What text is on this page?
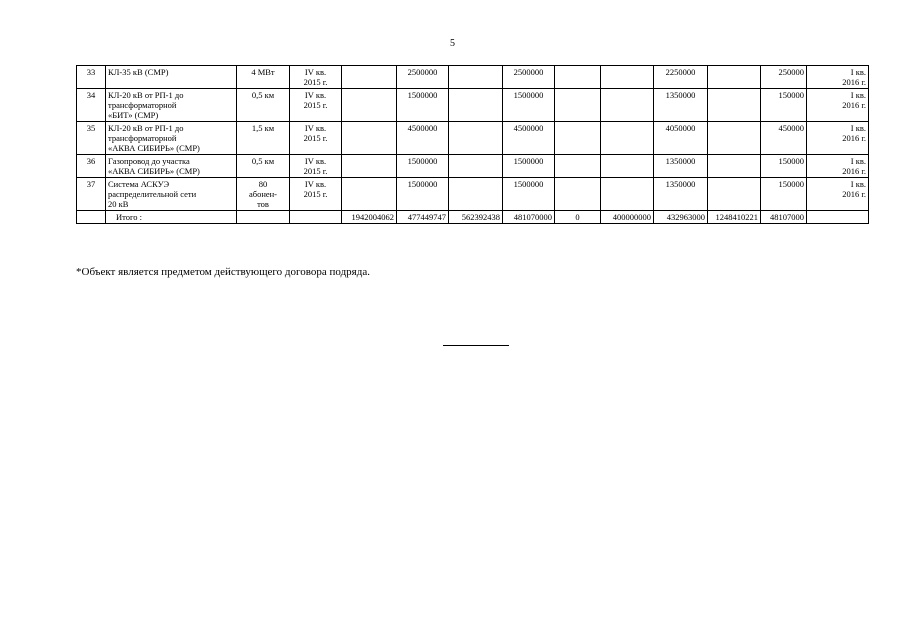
5
33	КЛ-35 кВ (СМР)	4 МВт	IV кв.
2015 г.		2500000		2500000			2250000		250000	I кв.
2016 г.
34	КЛ-20 кВ от РП-1 до
трансформаторной
«БИТ» (СМР)	0,5 км	IV кв.
2015 г.		1500000		1500000			1350000		150000	I кв.
2016 г.
35	КЛ-20 кВ от РП-1 до
трансформаторной
«АКВА СИБИРЬ» (СМР)	1,5 км	IV кв.
2015 г.		4500000		4500000			4050000		450000	I кв.
2016 г.
36	Газопровод до участка
«АКВА СИБИРЬ» (СМР)	0,5 км	IV кв.
2015 г.		1500000		1500000			1350000		150000	I кв.
2016 г.
37	Система АСКУЭ
распределительной сети
20 кВ	80
абонен-
тов	IV кв.
2015 г.		1500000		1500000			1350000		150000	I кв.
2016 г.
	Итого :			1942004062	477449747	562392438	481070000	0	400000000	432963000	1248410221	48107000	
*Объект является предметом действующего договора подряда.
